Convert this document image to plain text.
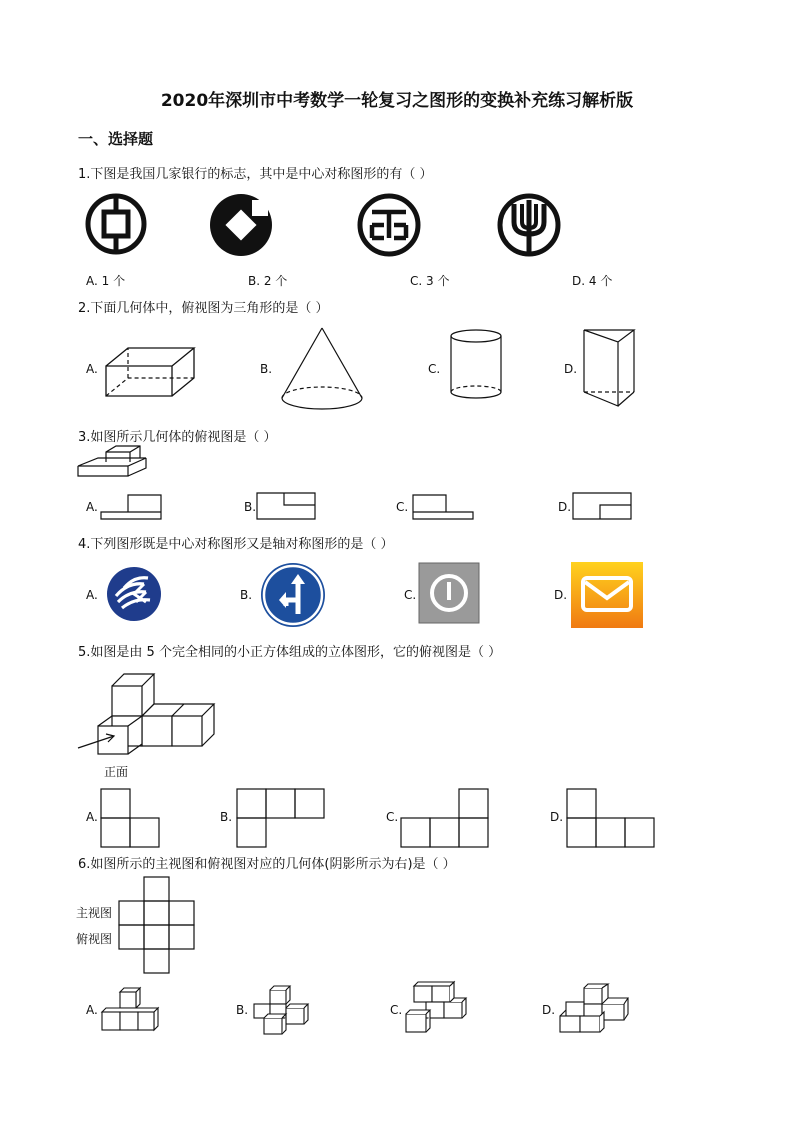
2020年深圳市中考数学一轮复习之图形的变换补充练习解析版
一、选择题
1.下图是我国几家银行的标志，其中是中心对称图形的有（ ）
A. 1 个	B. 2 个	C. 3 个	D. 4 个
2.下面几何体中，俯视图为三角形的是（ ）
A.	B.	C.	D.
3.如图所示几何体的俯视图是（ ）
A.	B.	C.	D.
4.下列图形既是中心对称图形又是轴对称图形的是（ ）
A.	B.	C.	D.
5.如图是由 5 个完全相同的小正方体组成的立体图形，它的俯视图是（ ）
正面
A.	B.	C.	D.
6.如图所示的主视图和俯视图对应的几何体(阴影所示为右)是（ ）
主视图
俯视图
A.	B.	C.	D.
